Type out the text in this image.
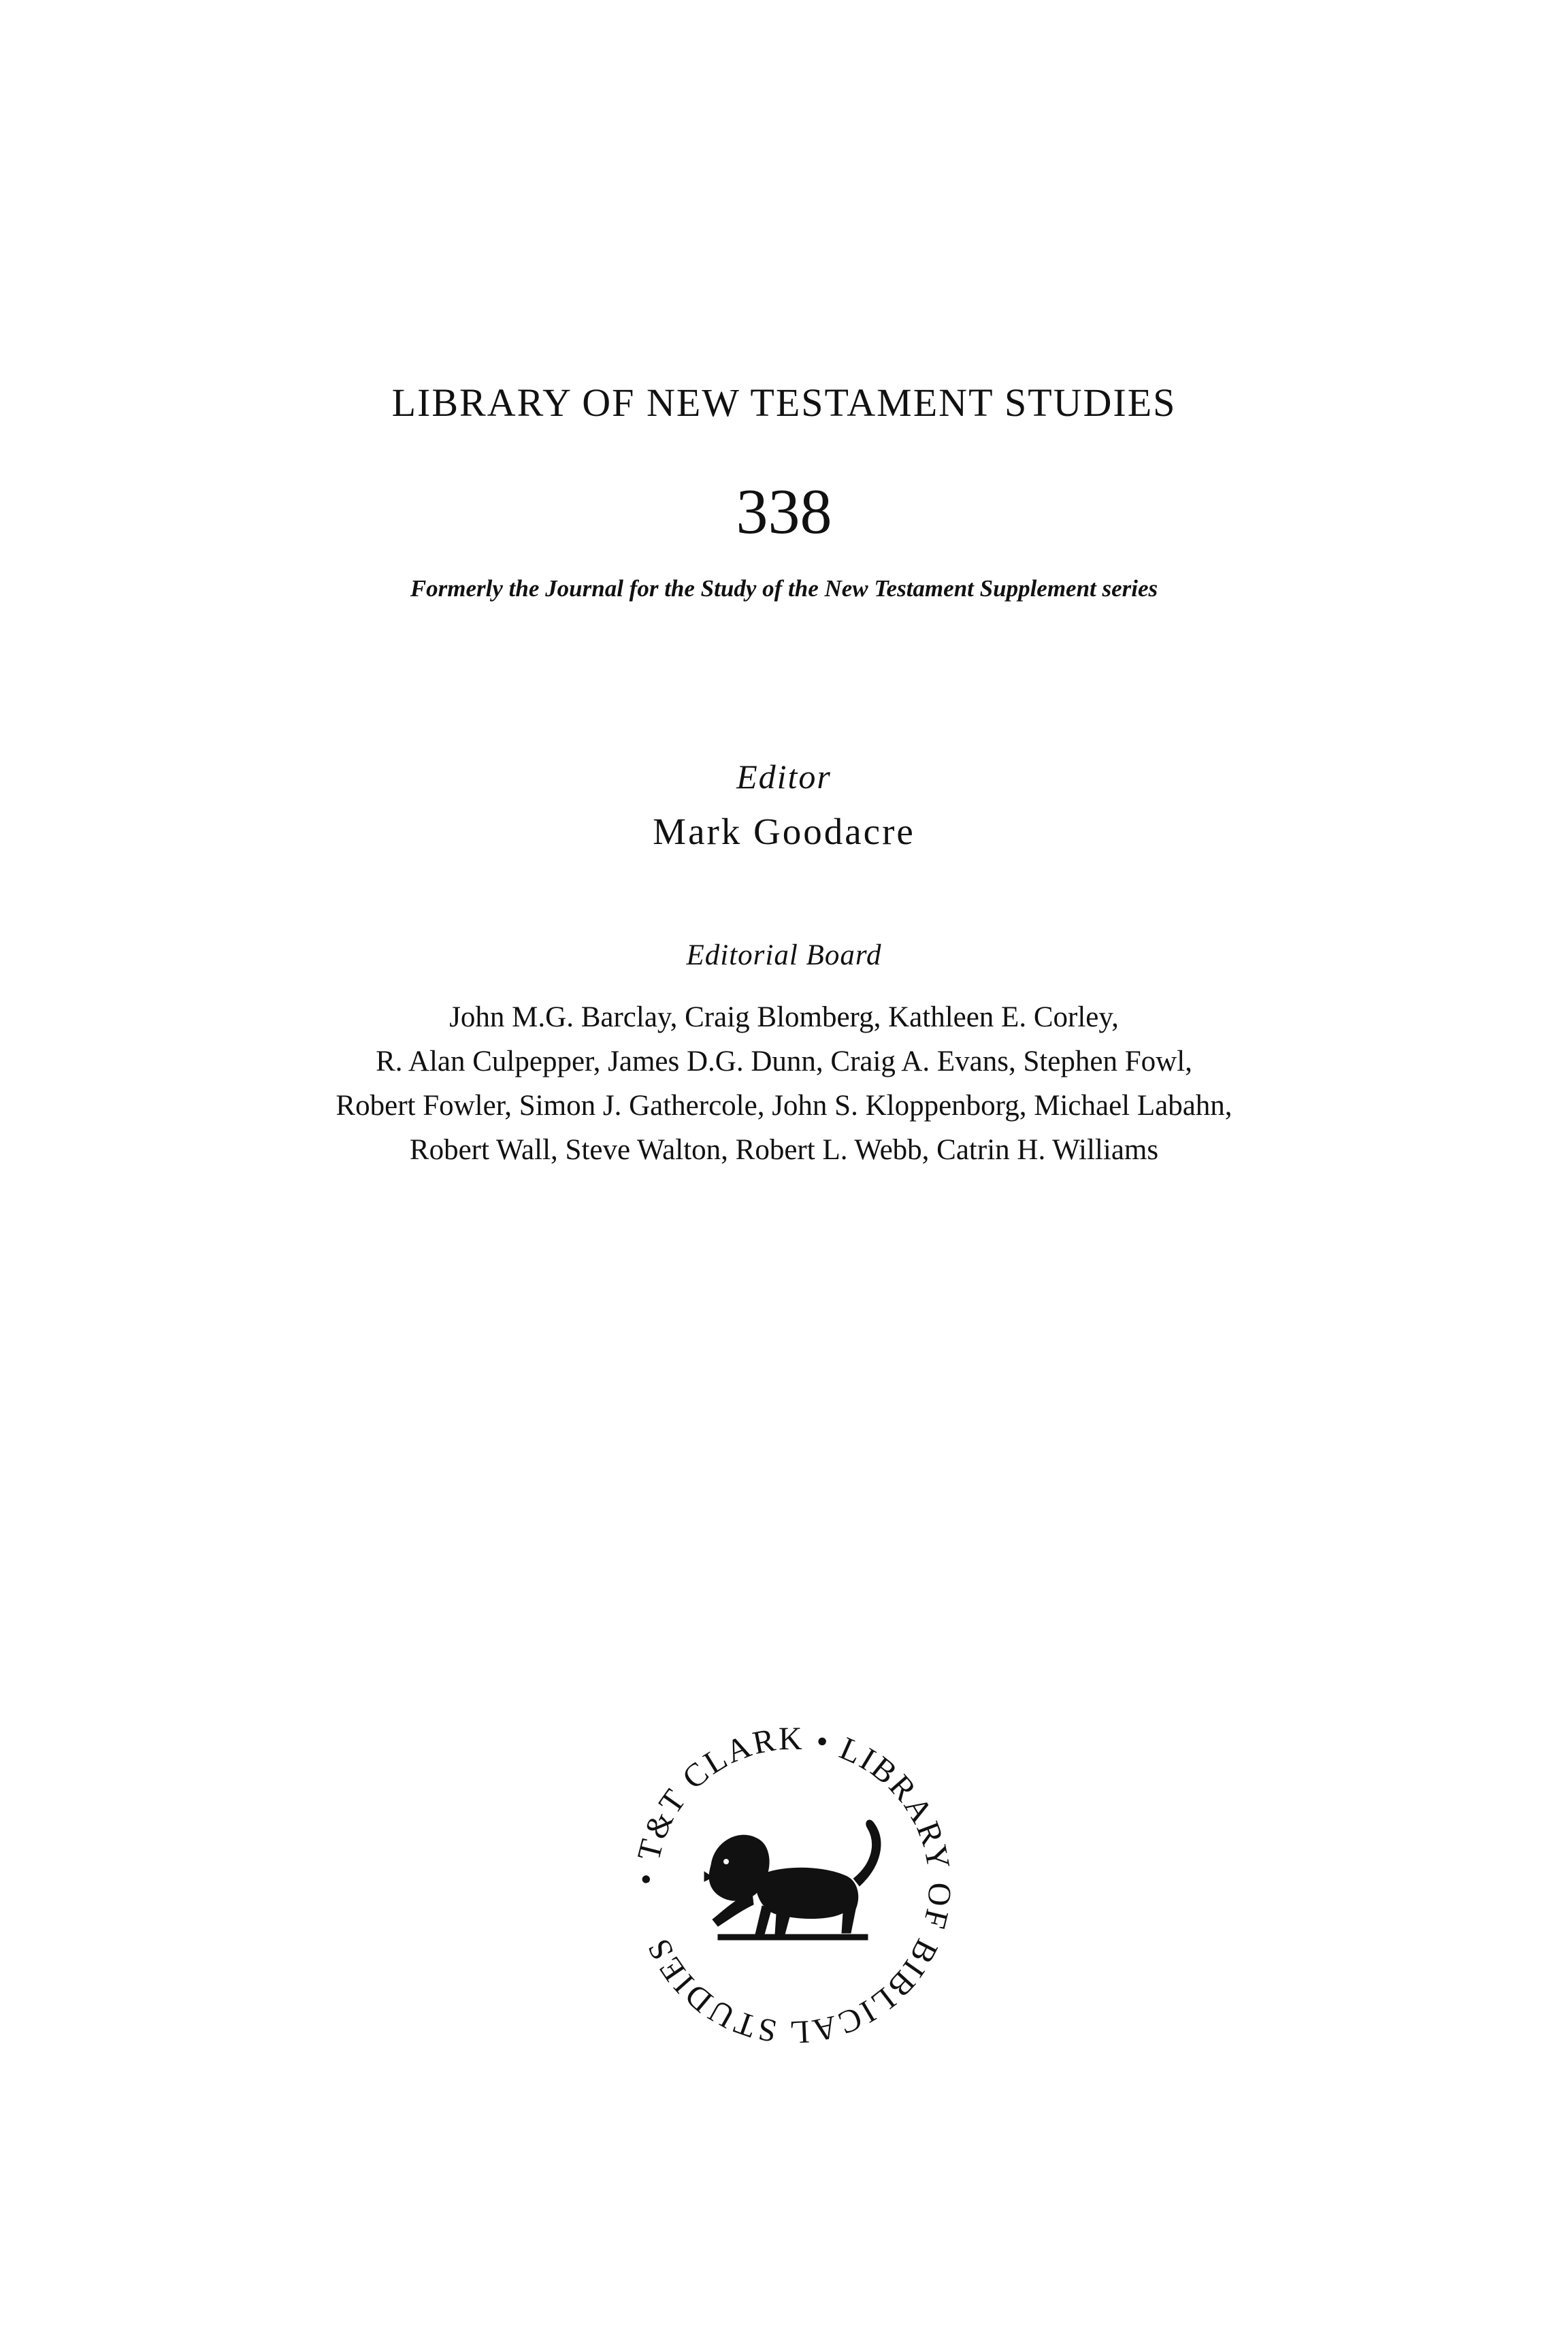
LIBRARY OF NEW TESTAMENT STUDIES
338
Formerly the Journal for the Study of the New Testament Supplement series
Editor
Mark Goodacre
Editorial Board
John M.G. Barclay, Craig Blomberg, Kathleen E. Corley,
R. Alan Culpepper, James D.G. Dunn, Craig A. Evans, Stephen Fowl,
Robert Fowler, Simon J. Gathercole, John S. Kloppenborg, Michael Labahn,
Robert Wall, Steve Walton, Robert L. Webb, Catrin H. Williams
• T&T CLARK • LIBRARY OF BIBLICAL STUDIES
